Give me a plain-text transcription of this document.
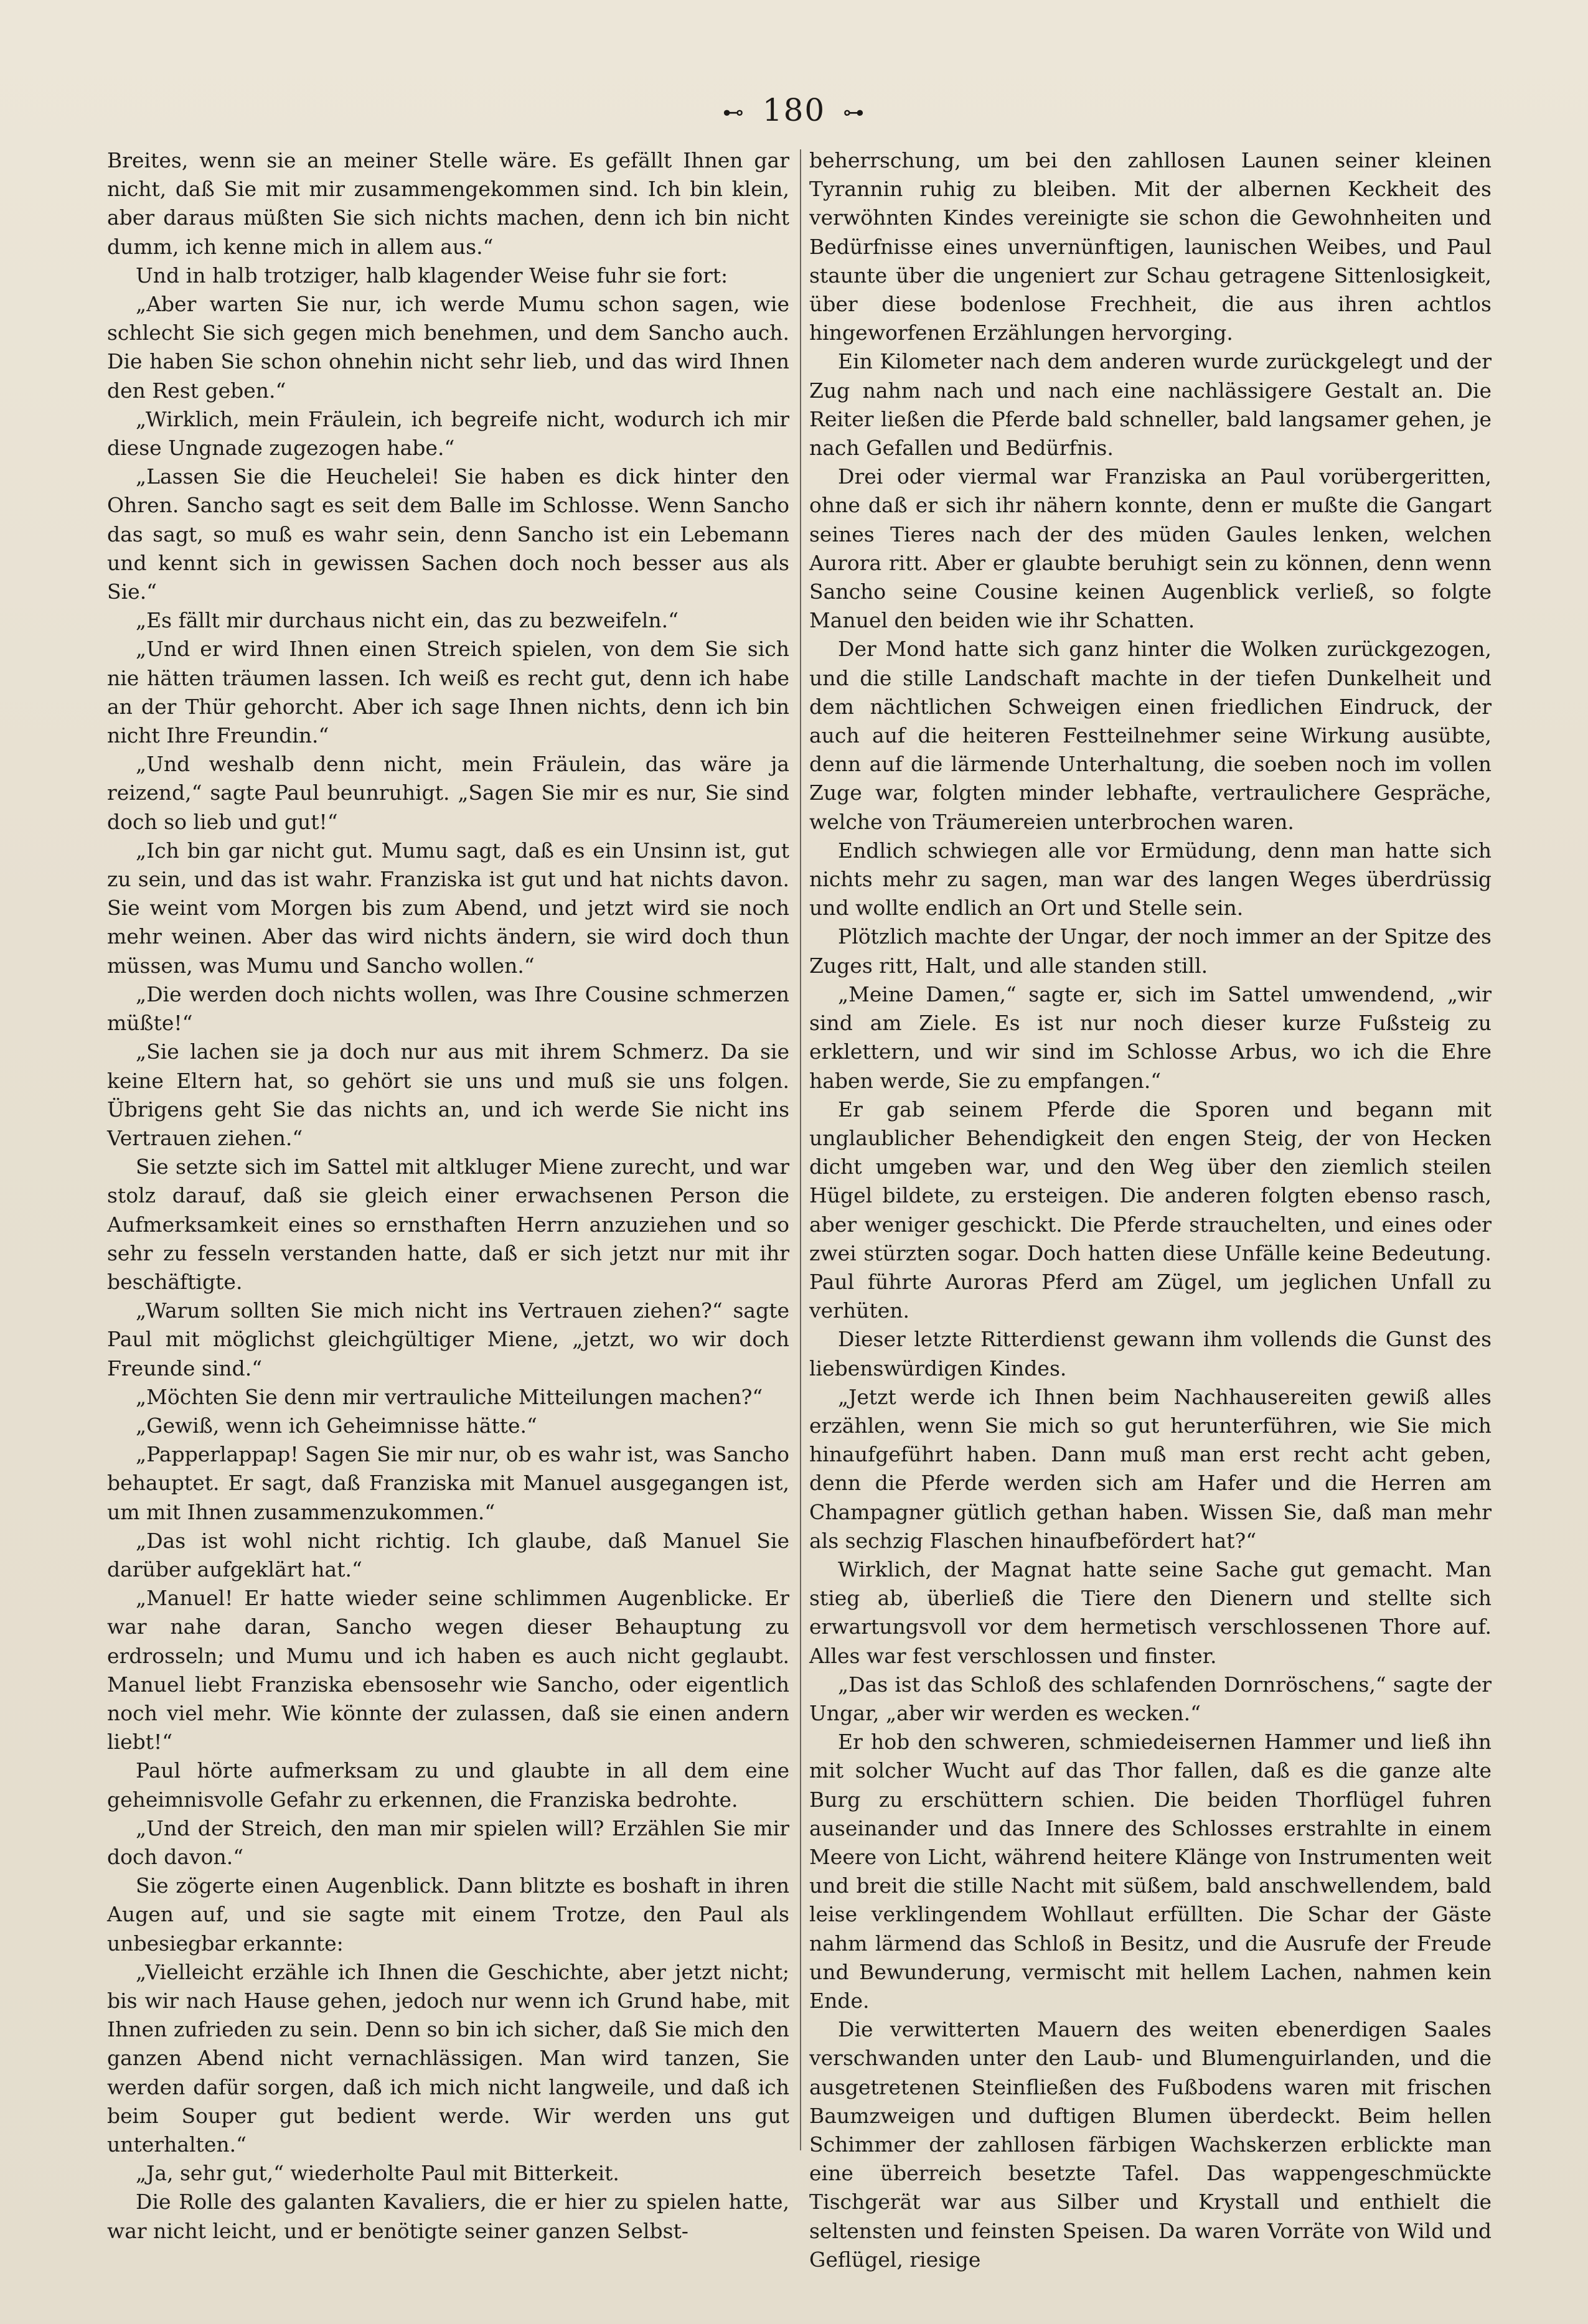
⊷ 180 ⊶

Breites, wenn sie an meiner Stelle wäre. Es gefällt Ihnen gar nicht, daß Sie mit mir zusammengekommen sind. Ich bin klein, aber daraus müßten Sie sich nichts machen, denn ich bin nicht dumm, ich kenne mich in allem aus.“

Und in halb trotziger, halb klagender Weise fuhr sie fort:

„Aber warten Sie nur, ich werde Mumu schon sagen, wie schlecht Sie sich gegen mich benehmen, und dem Sancho auch. Die haben Sie schon ohnehin nicht sehr lieb, und das wird Ihnen den Rest geben.“

„Wirklich, mein Fräulein, ich begreife nicht, wodurch ich mir diese Ungnade zugezogen habe.“

„Lassen Sie die Heuchelei! Sie haben es dick hinter den Ohren. Sancho sagt es seit dem Balle im Schlosse. Wenn Sancho das sagt, so muß es wahr sein, denn Sancho ist ein Lebemann und kennt sich in gewissen Sachen doch noch besser aus als Sie.“

„Es fällt mir durchaus nicht ein, das zu bezweifeln.“

„Und er wird Ihnen einen Streich spielen, von dem Sie sich nie hätten träumen lassen. Ich weiß es recht gut, denn ich habe an der Thür gehorcht. Aber ich sage Ihnen nichts, denn ich bin nicht Ihre Freundin.“

„Und weshalb denn nicht, mein Fräulein, das wäre ja reizend,“ sagte Paul beunruhigt. „Sagen Sie mir es nur, Sie sind doch so lieb und gut!“

„Ich bin gar nicht gut. Mumu sagt, daß es ein Unsinn ist, gut zu sein, und das ist wahr. Franziska ist gut und hat nichts davon. Sie weint vom Morgen bis zum Abend, und jetzt wird sie noch mehr weinen. Aber das wird nichts ändern, sie wird doch thun müssen, was Mumu und Sancho wollen.“

„Die werden doch nichts wollen, was Ihre Cousine schmerzen müßte!“

„Sie lachen sie ja doch nur aus mit ihrem Schmerz. Da sie keine Eltern hat, so gehört sie uns und muß sie uns folgen. Übrigens geht Sie das nichts an, und ich werde Sie nicht ins Vertrauen ziehen.“

Sie setzte sich im Sattel mit altkluger Miene zurecht, und war stolz darauf, daß sie gleich einer erwachsenen Person die Aufmerksamkeit eines so ernsthaften Herrn anzuziehen und so sehr zu fesseln verstanden hatte, daß er sich jetzt nur mit ihr beschäftigte.

„Warum sollten Sie mich nicht ins Vertrauen ziehen?“ sagte Paul mit möglichst gleichgültiger Miene, „jetzt, wo wir doch Freunde sind.“

„Möchten Sie denn mir vertrauliche Mitteilungen machen?“

„Gewiß, wenn ich Geheimnisse hätte.“

„Papperlappap! Sagen Sie mir nur, ob es wahr ist, was Sancho behauptet. Er sagt, daß Franziska mit Manuel ausgegangen ist, um mit Ihnen zusammenzukommen.“

„Das ist wohl nicht richtig. Ich glaube, daß Manuel Sie darüber aufgeklärt hat.“

„Manuel! Er hatte wieder seine schlimmen Augenblicke. Er war nahe daran, Sancho wegen dieser Behauptung zu erdrosseln; und Mumu und ich haben es auch nicht geglaubt. Manuel liebt Franziska ebensosehr wie Sancho, oder eigentlich noch viel mehr. Wie könnte der zulassen, daß sie einen andern liebt!“

Paul hörte aufmerksam zu und glaubte in all dem eine geheimnisvolle Gefahr zu erkennen, die Franziska bedrohte.

„Und der Streich, den man mir spielen will? Erzählen Sie mir doch davon.“

Sie zögerte einen Augenblick. Dann blitzte es boshaft in ihren Augen auf, und sie sagte mit einem Trotze, den Paul als unbesiegbar erkannte:

„Vielleicht erzähle ich Ihnen die Geschichte, aber jetzt nicht; bis wir nach Hause gehen, jedoch nur wenn ich Grund habe, mit Ihnen zufrieden zu sein. Denn so bin ich sicher, daß Sie mich den ganzen Abend nicht vernachlässigen. Man wird tanzen, Sie werden dafür sorgen, daß ich mich nicht langweile, und daß ich beim Souper gut bedient werde. Wir werden uns gut unterhalten.“

„Ja, sehr gut,“ wiederholte Paul mit Bitterkeit.

Die Rolle des galanten Kavaliers, die er hier zu spielen hatte, war nicht leicht, und er benötigte seiner ganzen Selbst-

beherrschung, um bei den zahllosen Launen seiner kleinen Tyrannin ruhig zu bleiben. Mit der albernen Keckheit des verwöhnten Kindes vereinigte sie schon die Gewohnheiten und Bedürfnisse eines unvernünftigen, launischen Weibes, und Paul staunte über die ungeniert zur Schau getragene Sittenlosigkeit, über diese bodenlose Frechheit, die aus ihren achtlos hingeworfenen Erzählungen hervorging.

Ein Kilometer nach dem anderen wurde zurückgelegt und der Zug nahm nach und nach eine nachlässigere Gestalt an. Die Reiter ließen die Pferde bald schneller, bald langsamer gehen, je nach Gefallen und Bedürfnis.

Drei oder viermal war Franziska an Paul vorübergeritten, ohne daß er sich ihr nähern konnte, denn er mußte die Gangart seines Tieres nach der des müden Gaules lenken, welchen Aurora ritt. Aber er glaubte beruhigt sein zu können, denn wenn Sancho seine Cousine keinen Augenblick verließ, so folgte Manuel den beiden wie ihr Schatten.

Der Mond hatte sich ganz hinter die Wolken zurückgezogen, und die stille Landschaft machte in der tiefen Dunkelheit und dem nächtlichen Schweigen einen friedlichen Eindruck, der auch auf die heiteren Festteilnehmer seine Wirkung ausübte, denn auf die lärmende Unterhaltung, die soeben noch im vollen Zuge war, folgten minder lebhafte, vertraulichere Gespräche, welche von Träumereien unterbrochen waren.

Endlich schwiegen alle vor Ermüdung, denn man hatte sich nichts mehr zu sagen, man war des langen Weges überdrüssig und wollte endlich an Ort und Stelle sein.

Plötzlich machte der Ungar, der noch immer an der Spitze des Zuges ritt, Halt, und alle standen still.

„Meine Damen,“ sagte er, sich im Sattel umwendend, „wir sind am Ziele. Es ist nur noch dieser kurze Fußsteig zu erklettern, und wir sind im Schlosse Arbus, wo ich die Ehre haben werde, Sie zu empfangen.“

Er gab seinem Pferde die Sporen und begann mit unglaublicher Behendigkeit den engen Steig, der von Hecken dicht umgeben war, und den Weg über den ziemlich steilen Hügel bildete, zu ersteigen. Die anderen folgten ebenso rasch, aber weniger geschickt. Die Pferde strauchelten, und eines oder zwei stürzten sogar. Doch hatten diese Unfälle keine Bedeutung. Paul führte Auroras Pferd am Zügel, um jeglichen Unfall zu verhüten.

Dieser letzte Ritterdienst gewann ihm vollends die Gunst des liebenswürdigen Kindes.

„Jetzt werde ich Ihnen beim Nachhausereiten gewiß alles erzählen, wenn Sie mich so gut herunterführen, wie Sie mich hinaufgeführt haben. Dann muß man erst recht acht geben, denn die Pferde werden sich am Hafer und die Herren am Champagner gütlich gethan haben. Wissen Sie, daß man mehr als sechzig Flaschen hinaufbefördert hat?“

Wirklich, der Magnat hatte seine Sache gut gemacht. Man stieg ab, überließ die Tiere den Dienern und stellte sich erwartungsvoll vor dem hermetisch verschlossenen Thore auf. Alles war fest verschlossen und finster.

„Das ist das Schloß des schlafenden Dornröschens,“ sagte der Ungar, „aber wir werden es wecken.“

Er hob den schweren, schmiedeisernen Hammer und ließ ihn mit solcher Wucht auf das Thor fallen, daß es die ganze alte Burg zu erschüttern schien. Die beiden Thorflügel fuhren auseinander und das Innere des Schlosses erstrahlte in einem Meere von Licht, während heitere Klänge von Instrumenten weit und breit die stille Nacht mit süßem, bald anschwellendem, bald leise verklingendem Wohllaut erfüllten. Die Schar der Gäste nahm lärmend das Schloß in Besitz, und die Ausrufe der Freude und Bewunderung, vermischt mit hellem Lachen, nahmen kein Ende.

Die verwitterten Mauern des weiten ebenerdigen Saales verschwanden unter den Laub- und Blumenguirlanden, und die ausgetretenen Steinfließen des Fußbodens waren mit frischen Baumzweigen und duftigen Blumen überdeckt. Beim hellen Schimmer der zahllosen färbigen Wachskerzen erblickte man eine überreich besetzte Tafel. Das wappengeschmückte Tischgerät war aus Silber und Krystall und enthielt die seltensten und feinsten Speisen. Da waren Vorräte von Wild und Geflügel, riesige
